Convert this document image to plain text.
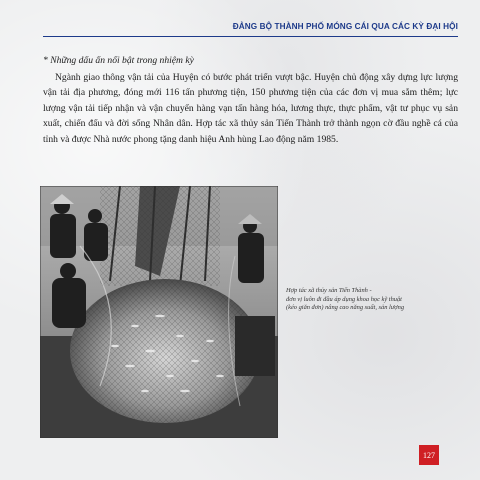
ĐẢNG BỘ THÀNH PHỐ MÓNG CÁI QUA CÁC KỲ ĐẠI HỘI
* Những dấu ấn nổi bật trong nhiệm kỳ

Ngành giao thông vận tải của Huyện có bước phát triển vượt bậc. Huyện chủ động xây dựng lực lượng vận tải địa phương, đóng mới 116 tấn phương tiện, 150 phương tiện của các đơn vị mua sắm thêm; lực lượng vận tải tiếp nhận và vận chuyển hàng vạn tấn hàng hóa, lương thực, thực phẩm, vật tư phục vụ sản xuất, chiến đấu và đời sống Nhân dân. Hợp tác xã thủy sản Tiến Thành trở thành ngọn cờ đầu nghề cá của tỉnh và được Nhà nước phong tặng danh hiệu Anh hùng Lao động năm 1985.

Hợp tác xã thủy sản Tiến Thành -
đơn vị luôn đi đầu áp dụng khoa học kỹ thuật
(kéo giăn đơn) nâng cao năng suất, sản lượng
127
